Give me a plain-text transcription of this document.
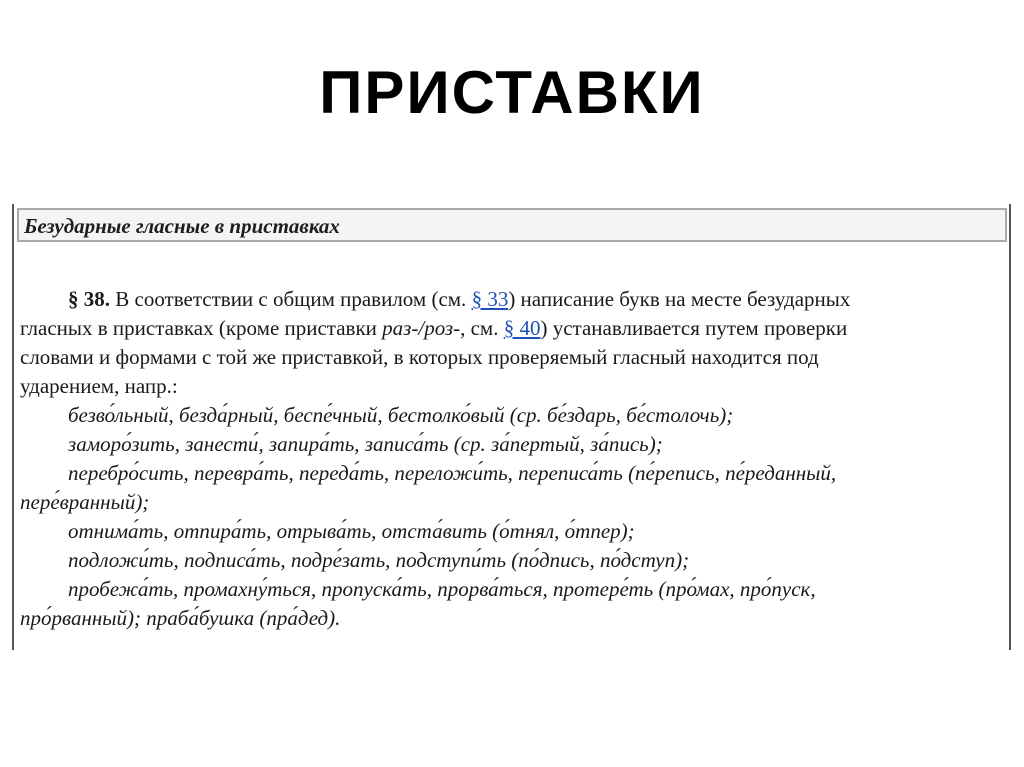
ПРИСТАВКИ
Безударные гласные в приставках
§ 38. В соответствии с общим правилом (см. § 33) написание букв на месте безударных
гласных в приставках (кроме приставки раз-/роз-, см. § 40) устанавливается путем проверки
словами и формами с той же приставкой, в которых проверяемый гласный находится под
ударением, напр.:
безво́льный, безда́рный, беспе́чный, бестолко́вый (ср. бе́здарь, бе́столочь);
заморо́зить, занести́, запира́ть, записа́ть (ср. за́пертый, за́пись);
перебро́сить, перевра́ть, переда́ть, переложи́ть, переписа́ть (пе́репись, пе́реданный,
пере́вранный);
отнима́ть, отпира́ть, отрыва́ть, отста́вить (о́тнял, о́тпер);
подложи́ть, подписа́ть, подре́зать, подступи́ть (по́дпись, по́дступ);
пробежа́ть, промахну́ться, пропуска́ть, прорва́ться, протере́ть (про́мах, про́пуск,
про́рванный); праба́бушка (пра́дед).
